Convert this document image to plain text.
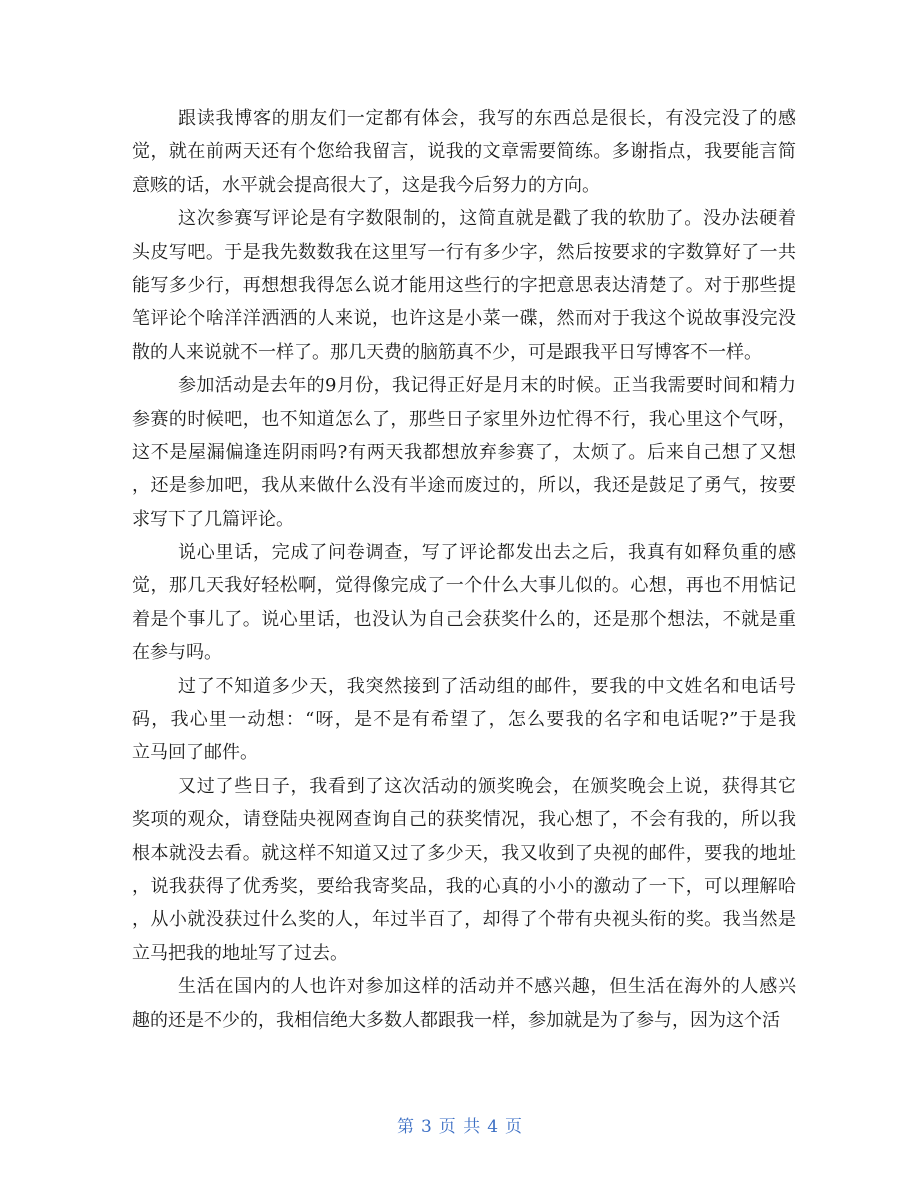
跟读我博客的朋友们一定都有体会，我写的东西总是很长，有没完没了的感
觉，就在前两天还有个您给我留言，说我的文章需要简练。多谢指点，我要能言简
意赅的话，水平就会提高很大了，这是我今后努力的方向。
这次参赛写评论是有字数限制的，这简直就是戳了我的软肋了。没办法硬着
头皮写吧。于是我先数数我在这里写一行有多少字，然后按要求的字数算好了一共
能写多少行，再想想我得怎么说才能用这些行的字把意思表达清楚了。对于那些提
笔评论个啥洋洋洒洒的人来说，也许这是小菜一碟，然而对于我这个说故事没完没
散的人来说就不一样了。那几天费的脑筋真不少，可是跟我平日写博客不一样。
参加活动是去年的9月份，我记得正好是月末的时候。正当我需要时间和精力
参赛的时候吧，也不知道怎么了，那些日子家里外边忙得不行，我心里这个气呀，
这不是屋漏偏逢连阴雨吗?有两天我都想放弃参赛了，太烦了。后来自己想了又想
，还是参加吧，我从来做什么没有半途而废过的，所以，我还是鼓足了勇气，按要
求写下了几篇评论。
说心里话，完成了问卷调查，写了评论都发出去之后，我真有如释负重的感
觉，那几天我好轻松啊，觉得像完成了一个什么大事儿似的。心想，再也不用惦记
着是个事儿了。说心里话，也没认为自己会获奖什么的，还是那个想法，不就是重
在参与吗。
过了不知道多少天，我突然接到了活动组的邮件，要我的中文姓名和电话号
码，我心里一动想：“呀，是不是有希望了，怎么要我的名字和电话呢?”于是我
立马回了邮件。
又过了些日子，我看到了这次活动的颁奖晚会，在颁奖晚会上说，获得其它
奖项的观众，请登陆央视网查询自己的获奖情况，我心想了，不会有我的，所以我
根本就没去看。就这样不知道又过了多少天，我又收到了央视的邮件，要我的地址
，说我获得了优秀奖，要给我寄奖品，我的心真的小小的激动了一下，可以理解哈
，从小就没获过什么奖的人，年过半百了，却得了个带有央视头衔的奖。我当然是
立马把我的地址写了过去。
生活在国内的人也许对参加这样的活动并不感兴趣，但生活在海外的人感兴
趣的还是不少的，我相信绝大多数人都跟我一样，参加就是为了参与，因为这个活
第 3 页 共 4 页
